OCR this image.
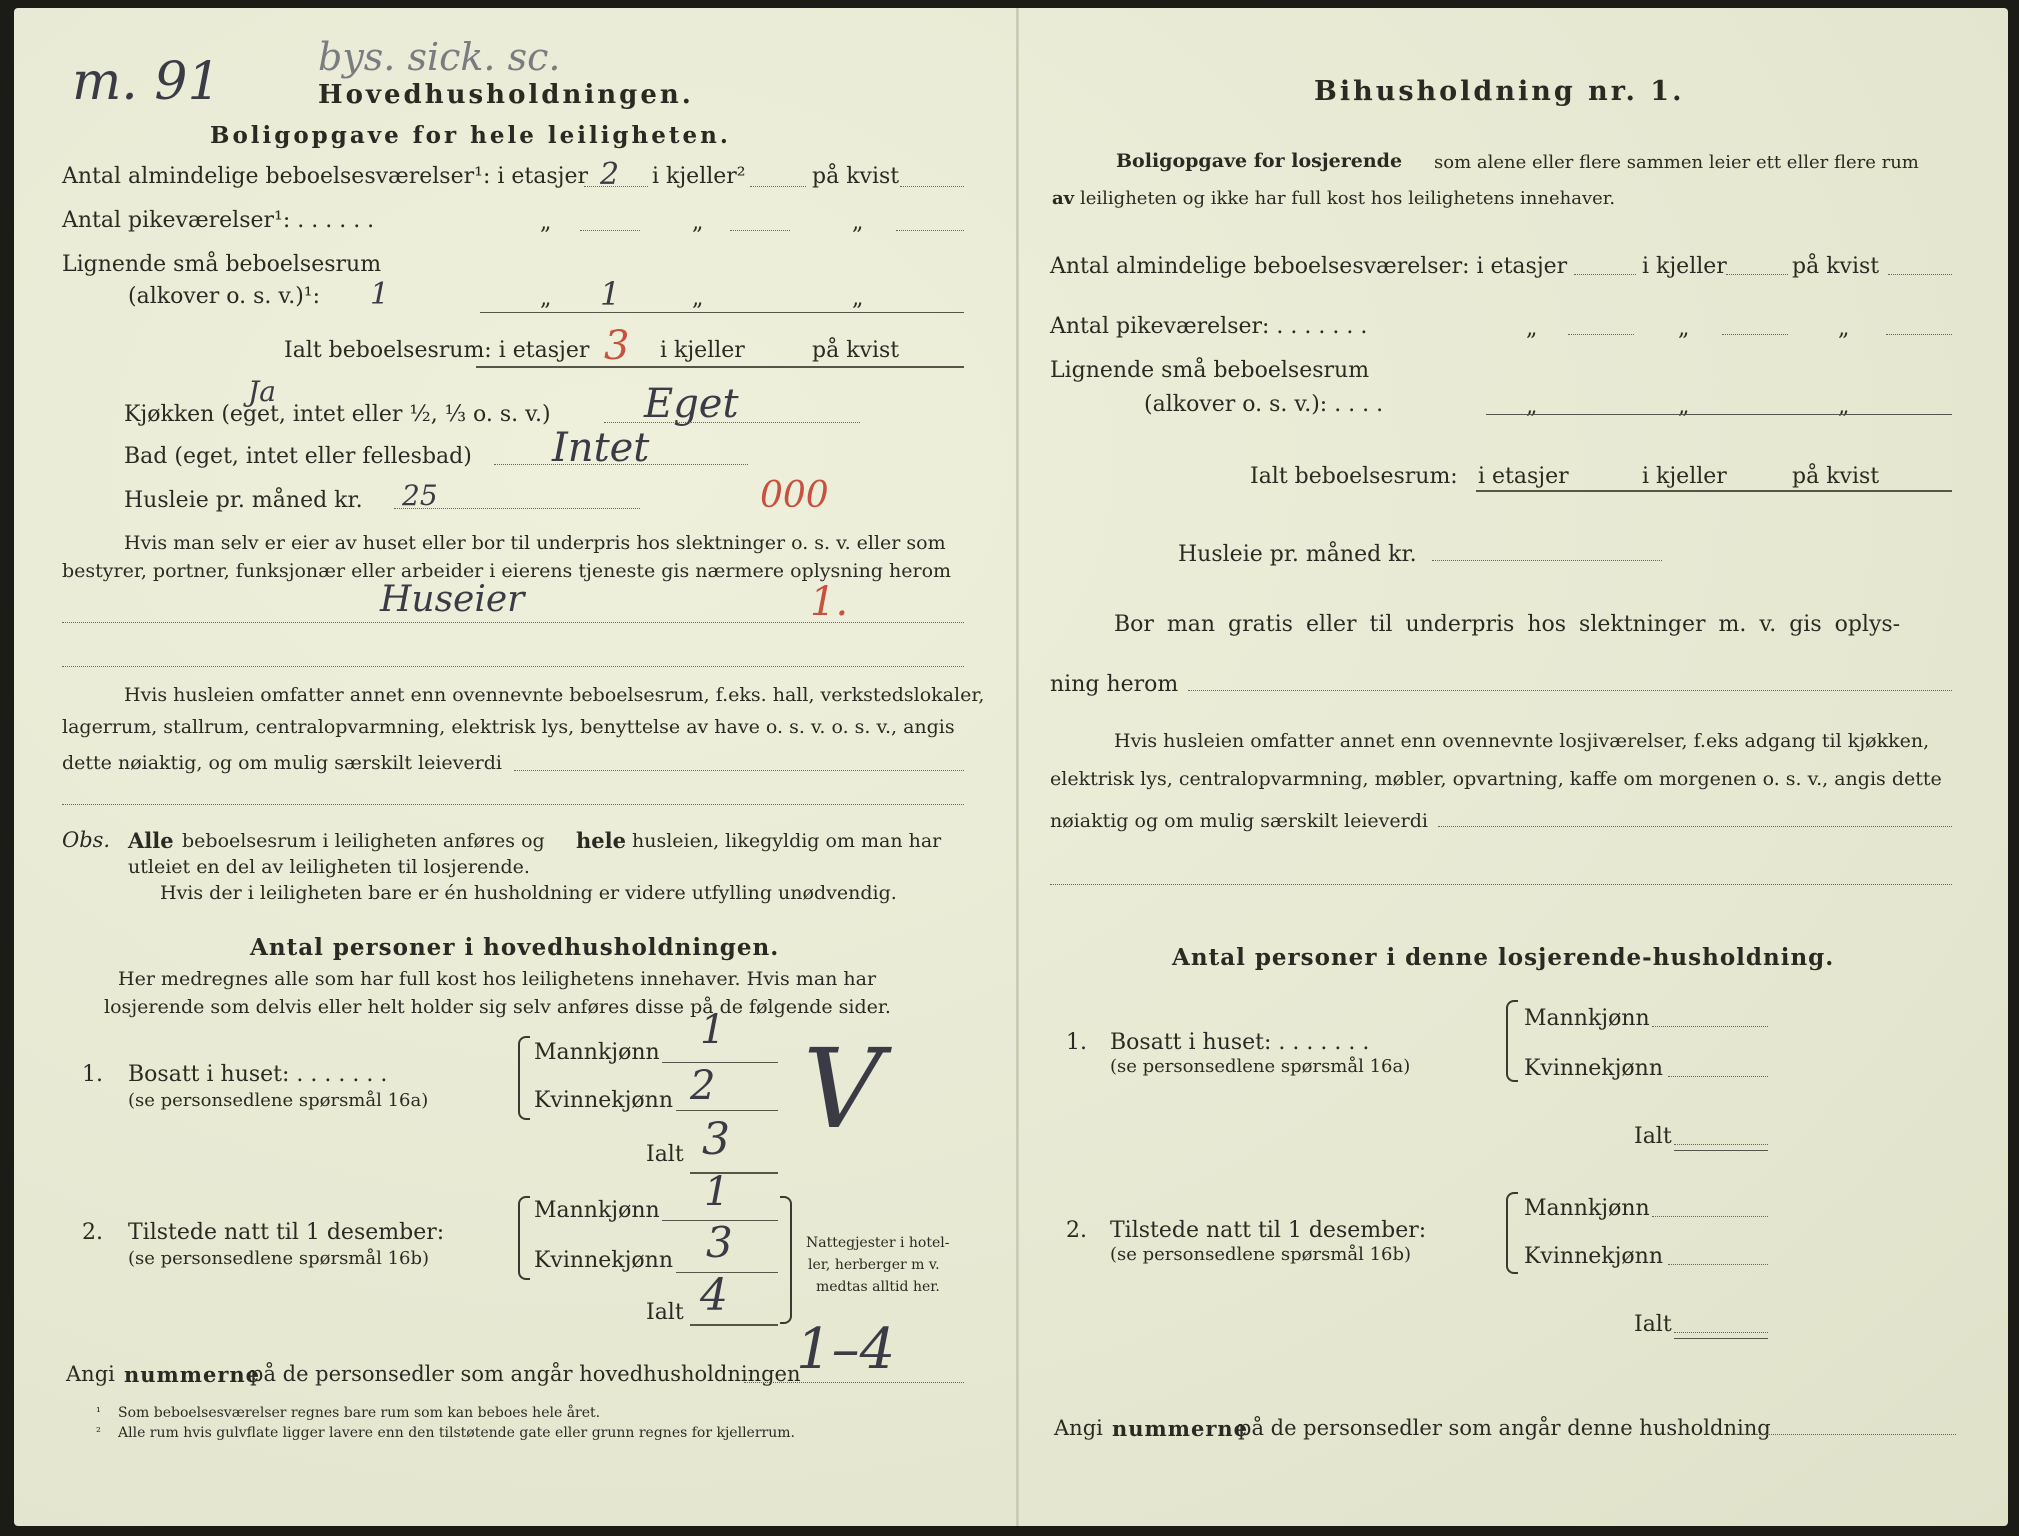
m. 91	bys. sick. sc.
Hovedhusholdningen.
Boligopgave for hele leiligheten.
Antal almindelige beboelsesværelser¹: i etasjer 2 i kjeller²	på kvist
Antal pikeværelser¹: . . . . . .	„	„	„
Lignende små beboelsesrum
(alkover o. s. v.)¹: 1	„ 1	„	„
Ialt beboelsesrum: i etasjer 3 i kjeller	på kvist
Ja
Kjøkken (eget, intet eller ½, ⅓ o. s. v.) Eget
Bad (eget, intet eller fellesbad) Intet
Husleie pr. måned kr. 25	000
Hvis man selv er eier av huset eller bor til underpris hos slektninger o. s. v. eller som
bestyrer, portner, funksjonær eller arbeider i eierens tjeneste gis nærmere oplysning herom
Huseier	1.
Hvis husleien omfatter annet enn ovennevnte beboelsesrum, f.eks. hall, verkstedslokaler,
lagerrum, stallrum, centralopvarmning, elektrisk lys, benyttelse av have o. s. v. o. s. v., angis
dette nøiaktig, og om mulig særskilt leieverdi
Obs. Alle beboelsesrum i leiligheten anføres og hele husleien, likegyldig om man har
utleiet en del av leiligheten til losjerende.
Hvis der i leiligheten bare er én husholdning er videre utfylling unødvendig.
Antal personer i hovedhusholdningen.
Her medregnes alle som har full kost hos leilighetens innehaver. Hvis man har
losjerende som delvis eller helt holder sig selv anføres disse på de følgende sider.
1. Bosatt i huset: . . . . . . .
(se personsedlene spørsmål 16a)
Mannkjønn 1
Kvinnekjønn 2
Ialt 3 V
2. Tilstede natt til 1 desember:
(se personsedlene spørsmål 16b)
Mannkjønn 1
Kvinnekjønn 3
Ialt 4
Nattegjester i hotel-
ler, herberger m v.
medtas alltid her.
Angi nummerne
på de personsedler som angår hovedhusholdningen
1–4
¹ Som beboelsesværelser regnes bare rum som kan beboes hele året.
² Alle rum hvis gulvflate ligger lavere enn den tilstøtende gate eller grunn regnes for kjellerrum.
Bihusholdning nr. 1.
Boligopgave for losjerende som alene eller flere sammen leier ett eller flere rum
av leiligheten og ikke har full kost hos leilighetens innehaver.
Antal almindelige beboelsesværelser: i etasjer	i kjeller	på kvist
Antal pikeværelser: . . . . . . .	„	„	„
Lignende små beboelsesrum
(alkover o. s. v.): . . . .	„	„	„
Ialt beboelsesrum: i etasjer	i kjeller	på kvist
Husleie pr. måned kr.
Bor man gratis eller til underpris hos slektninger m. v. gis oplys-
ning herom
Hvis husleien omfatter annet enn ovennevnte losjiværelser, f.eks adgang til kjøkken,
elektrisk lys, centralopvarmning, møbler, opvartning, kaffe om morgenen o. s. v., angis dette
nøiaktig og om mulig særskilt leieverdi
Antal personer i denne losjerende-husholdning.
1. Bosatt i huset: . . . . . . .
(se personsedlene spørsmål 16a)
Mannkjønn
Kvinnekjønn
Ialt
2. Tilstede natt til 1 desember:
(se personsedlene spørsmål 16b)
Mannkjønn
Kvinnekjønn
Ialt
Angi nummerne
på de personsedler som angår denne husholdning
